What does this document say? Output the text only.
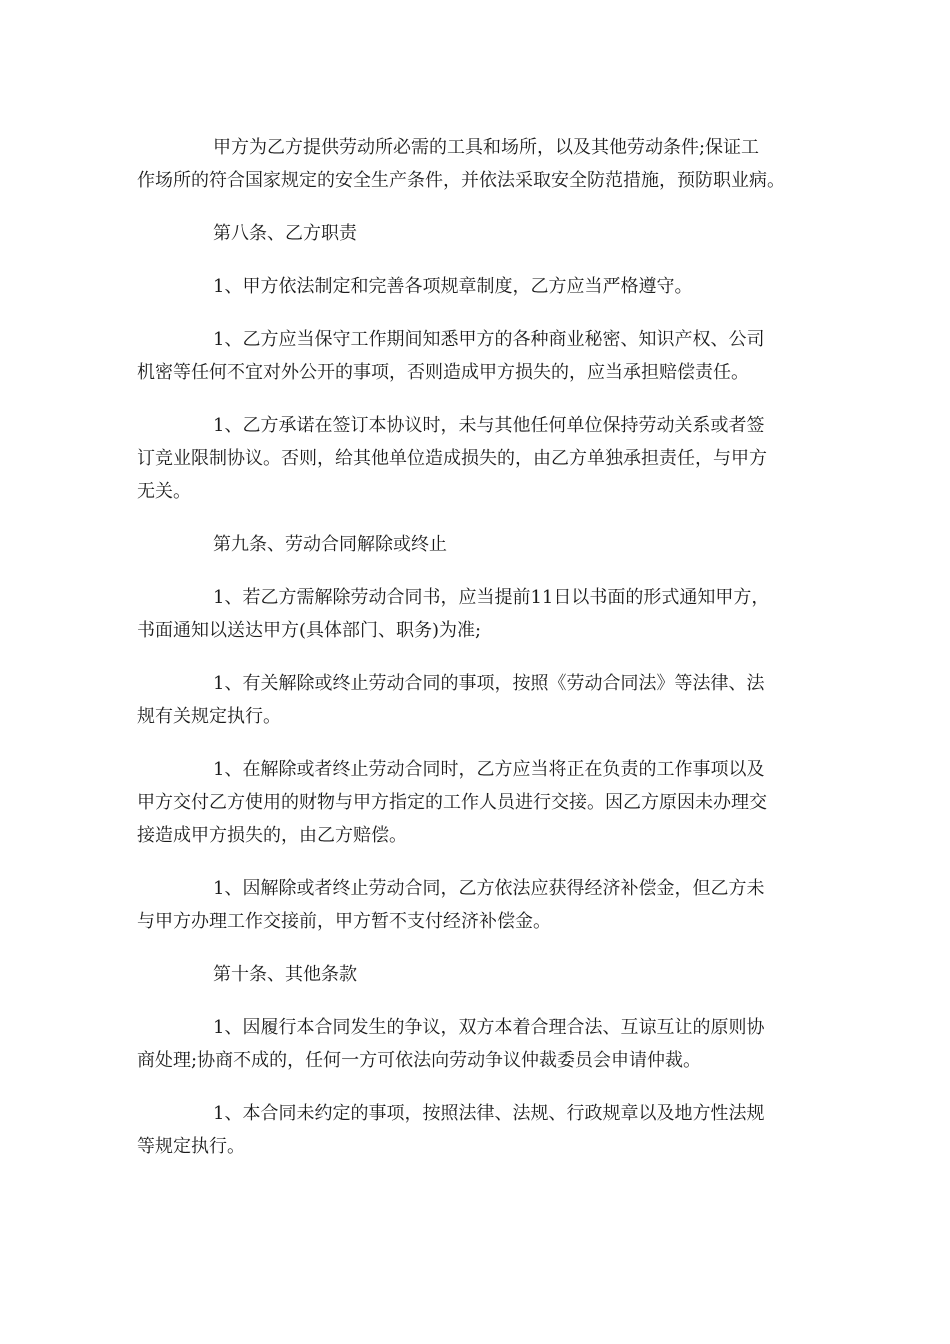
甲方为乙方提供劳动所必需的工具和场所，以及其他劳动条件;保证工
作场所的符合国家规定的安全生产条件，并依法采取安全防范措施，预防职业病。

第八条、乙方职责

1、甲方依法制定和完善各项规章制度，乙方应当严格遵守。

1、乙方应当保守工作期间知悉甲方的各种商业秘密、知识产权、公司
机密等任何不宜对外公开的事项，否则造成甲方损失的，应当承担赔偿责任。

1、乙方承诺在签订本协议时，未与其他任何单位保持劳动关系或者签
订竞业限制协议。否则，给其他单位造成损失的，由乙方单独承担责任，与甲方
无关。

第九条、劳动合同解除或终止

1、若乙方需解除劳动合同书，应当提前11日以书面的形式通知甲方，
书面通知以送达甲方(具体部门、职务)为准;

1、有关解除或终止劳动合同的事项，按照《劳动合同法》等法律、法
规有关规定执行。

1、在解除或者终止劳动合同时，乙方应当将正在负责的工作事项以及
甲方交付乙方使用的财物与甲方指定的工作人员进行交接。因乙方原因未办理交
接造成甲方损失的，由乙方赔偿。

1、因解除或者终止劳动合同，乙方依法应获得经济补偿金，但乙方未
与甲方办理工作交接前，甲方暂不支付经济补偿金。

第十条、其他条款

1、因履行本合同发生的争议，双方本着合理合法、互谅互让的原则协
商处理;协商不成的，任何一方可依法向劳动争议仲裁委员会申请仲裁。

1、本合同未约定的事项，按照法律、法规、行政规章以及地方性法规
等规定执行。
